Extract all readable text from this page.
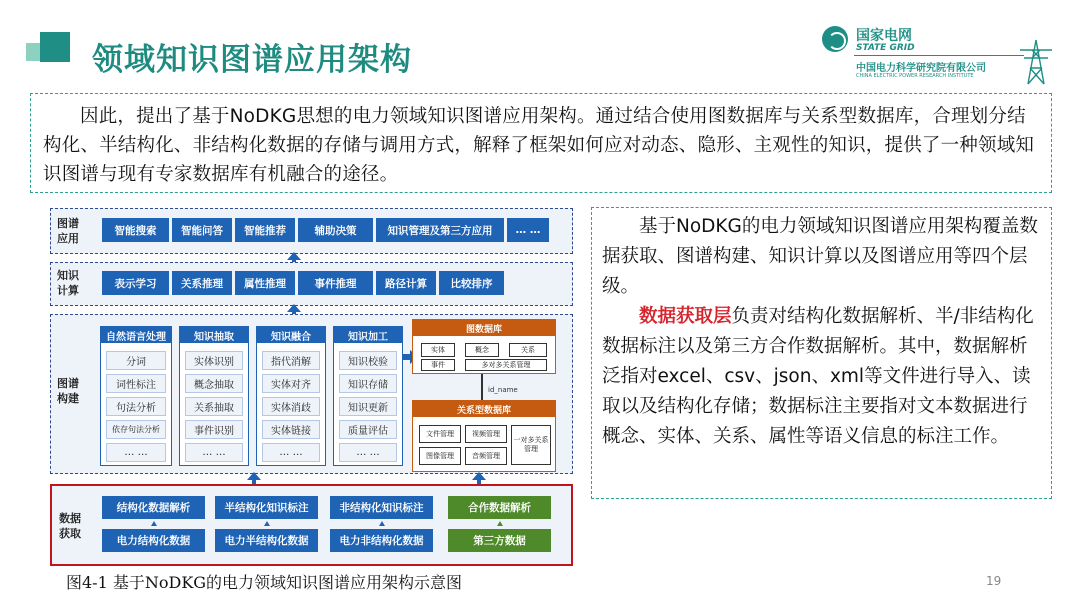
领域知识图谱应用架构
国家电网
STATE GRID
中国电力科学研究院有限公司
CHINA ELECTRIC POWER RESEARCH INSTITUTE
因此，提出了基于NoDKG思想的电力领域知识图谱应用架构。通过结合使用图数据库与关系型数据库，合理划分结构化、半结构化、非结构化数据的存储与调用方式，解释了框架如何应对动态、隐形、主观性的知识，提供了一种领域知识图谱与现有专家数据库有机融合的途径。
图谱
应用
智能搜索	智能问答	智能推荐	辅助决策	知识管理及第三方应用	… …
知识
计算
表示学习	关系推理	属性推理	事件推理	路径计算	比较排序
图谱
构建
自然语言处理
分词
词性标注
句法分析
依存句法分析
… …
知识抽取
实体识别
概念抽取
关系抽取
事件识别
… …
知识融合
指代消解
实体对齐
实体消歧
实体链接
… …
知识加工
知识校验
知识存储
知识更新
质量评估
… …
图数据库
实体	概念	关系
事件	多对多关系管理
id_name
关系型数据库
文件管理	视频管理
一对多关系管理
图像管理	音频管理
数据
获取
结构化数据解析	半结构化知识标注	非结构化知识标注	合作数据解析
电力结构化数据	电力半结构化数据	电力非结构化数据	第三方数据

基于NoDKG的电力领域知识图谱应用架构覆盖数据获取、图谱构建、知识计算以及图谱应用等四个层级。

数据获取层负责对结构化数据解析、半/非结构化数据标注以及第三方合作数据解析。其中，数据解析泛指对excel、csv、json、xml等文件进行导入、读取以及结构化存储；数据标注主要指对文本数据进行概念、实体、关系、属性等语义信息的标注工作。

图4-1 基于NoDKG的电力领域知识图谱应用架构示意图	19
